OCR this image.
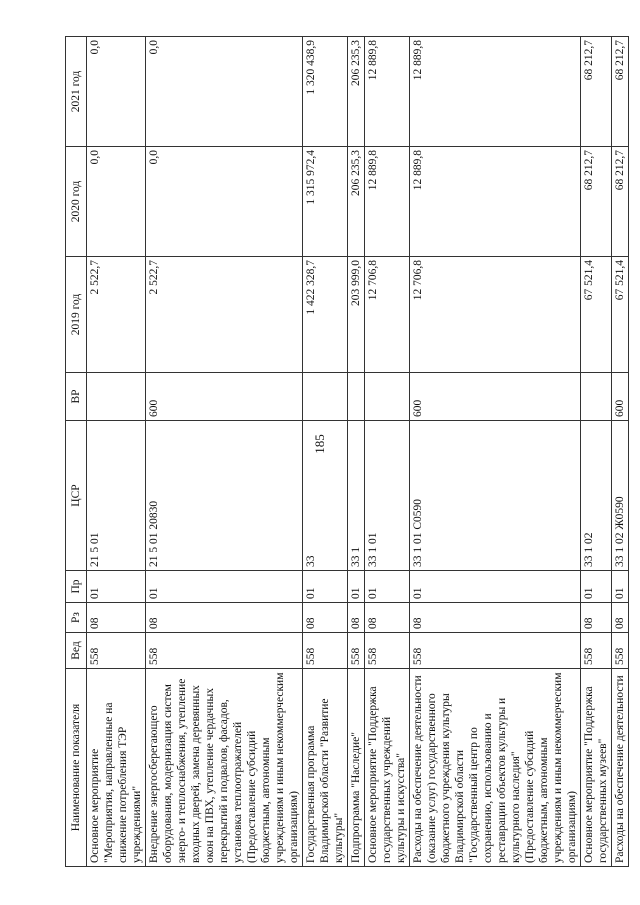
185
Наименование показателя	Вед	Рз	Пр	ЦСР	ВР	2019 год	2020 год	2021 год
Основное мероприятие "Мероприятия, направленные на снижение потребления ТЭР учреждениями"	558	08	01	21 5 01		2 522,7	0,0	0,0
Внедрение энергосберегающего оборудования, модернизация систем энерго- и теплоснабжения, утепление входных дверей, замена деревянных окон на ПВХ, утепление чердачных перекрытий и подвалов, фасадов, установка теплоотражателей (Предоставление субсидий бюджетным, автономным учреждениям и иным некоммерческим организациям)	558	08	01	21 5 01 20830	600	2 522,7	0,0	0,0
Государственная программа Владимирской области "Развитие культуры"	558	08	01	33		1 422 328,7	1 315 972,4	1 320 438,9
Подпрограмма "Наследие"	558	08	01	33 1		203 999,0	206 235,3	206 235,3
Основное мероприятие "Поддержка государственных учреждений культуры и искусства"	558	08	01	33 1 01		12 706,8	12 889,8	12 889,8
Расходы на обеспечение деятельности (оказание услуг) государственного бюджетного учреждения культуры Владимирской области "Государственный центр по сохранению, использованию и реставрации объектов культуры и культурного наследия" (Предоставление субсидий бюджетным, автономным учреждениям и иным некоммерческим организациям)	558	08	01	33 1 01 С0590	600	12 706,8	12 889,8	12 889,8
Основное мероприятие "Поддержка государственных музеев"	558	08	01	33 1 02		67 521,4	68 212,7	68 212,7
Расходы на обеспечение деятельности	558	08	01	33 1 02 Ж0590	600	67 521,4	68 212,7	68 212,7
